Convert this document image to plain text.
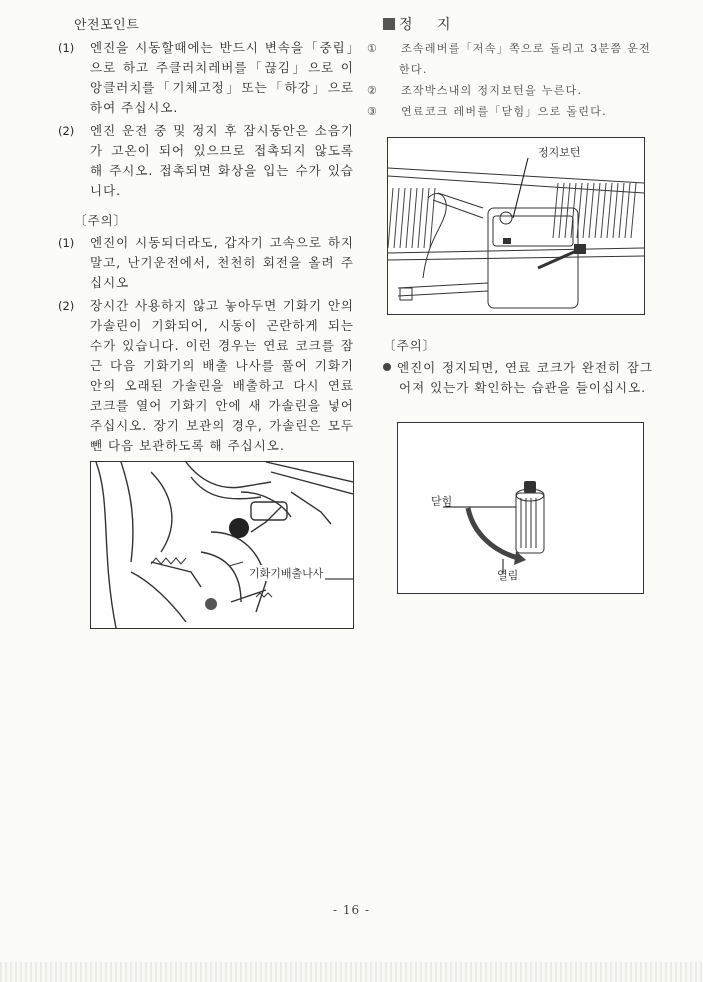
안전포인트
(1) 엔진을 시동할때에는 반드시 변속을「중립」으로 하고 주클러치레버를「끊김」으로 이앙클러치를「기체고정」또는「하강」으로 하여 주십시오.
(2) 엔진 운전 중 및 정지 후 잠시동안은 소음기가 고온이 되어 있으므로 접촉되지 않도록 해 주시오. 접촉되면 화상을 입는 수가 있습니다.
〔주의〕
(1) 엔진이 시동되더라도, 갑자기 고속으로 하지 말고, 난기운전에서, 천천히 회전을 올려 주십시오
(2) 장시간 사용하지 않고 놓아두면 기화기 안의 가솔린이 기화되어, 시동이 곤란하게 되는 수가 있습니다. 이런 경우는 연료 코크를 잠근 다음 기화기의 배출 나사를 풀어 기화기 안의 오래된 가솔린을 배출하고 다시 연료 코크를 열어 기화기 안에 새 가솔린을 넣어 주십시오. 장기 보관의 경우, 가솔린은 모두 뺀 다음 보관하도록 해 주십시오.
기화기배출나사
정 지
① 조속레버를「저속」쪽으로 돌리고 3분쯤 운전한다.
② 조작박스내의 정지보턴을 누른다.
③ 연료코크 레버를「닫힘」으로 돌린다.
정지보턴
〔주의〕
엔진이 정지되면, 연료 코크가 완전히 잠그어져 있는가 확인하는 습관을 들이십시오.
닫힘
열림
- 16 -
